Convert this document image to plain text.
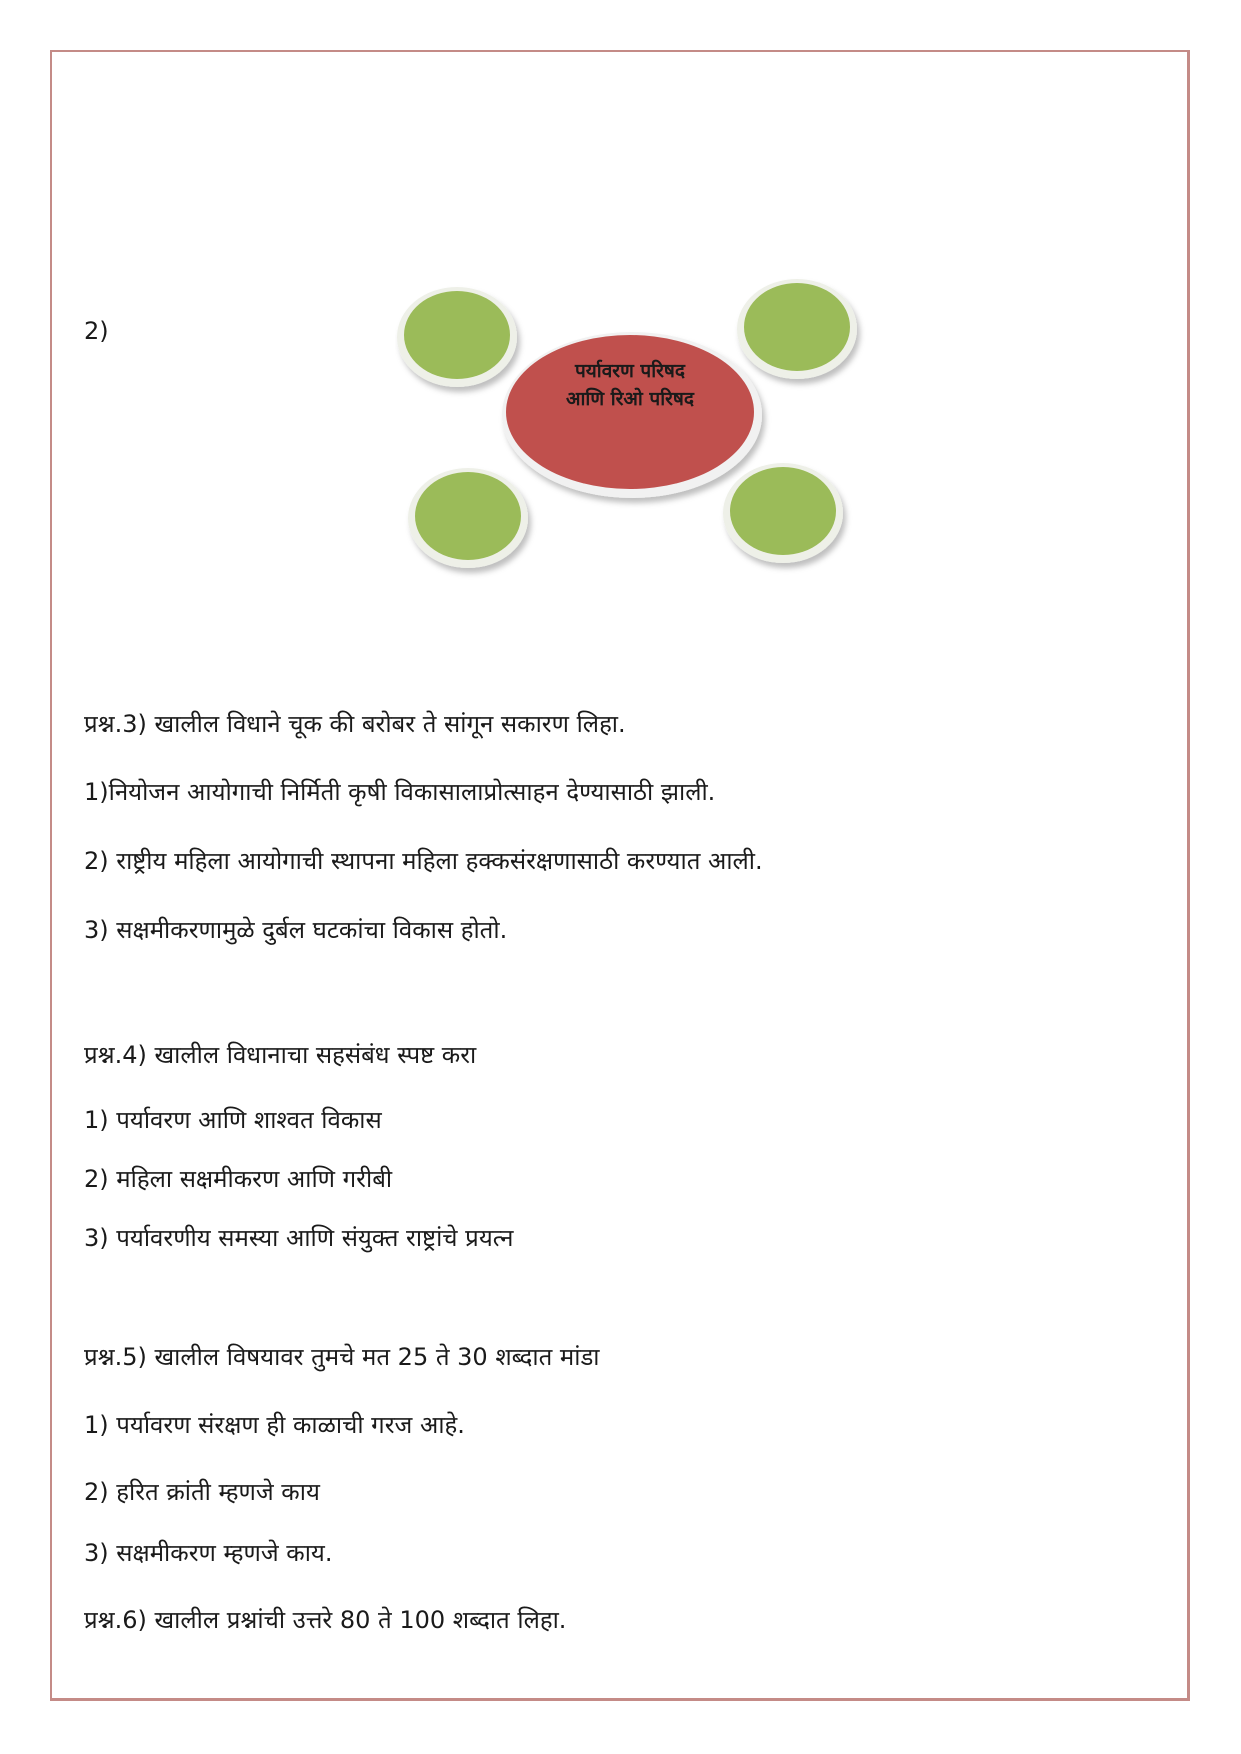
2)
पर्यावरण परिषद
आणि रिओ परिषद
प्रश्न.3) खालील विधाने चूक की बरोबर ते सांगून सकारण लिहा.
1)नियोजन आयोगाची निर्मिती कृषी विकासालाप्रोत्साहन देण्यासाठी झाली.
2) राष्ट्रीय महिला आयोगाची स्थापना महिला हक्कसंरक्षणासाठी करण्यात आली.
3) सक्षमीकरणामुळे दुर्बल घटकांचा विकास होतो.
प्रश्न.4) खालील विधानाचा सहसंबंध स्पष्ट करा
1) पर्यावरण आणि शाश्वत विकास
2) महिला सक्षमीकरण आणि गरीबी
3) पर्यावरणीय समस्या आणि संयुक्त राष्ट्रांचे प्रयत्न
प्रश्न.5) खालील विषयावर तुमचे मत 25 ते 30 शब्दात मांडा
1) पर्यावरण संरक्षण ही काळाची गरज आहे.
2) हरित क्रांती म्हणजे काय
3) सक्षमीकरण म्हणजे काय.
प्रश्न.6) खालील प्रश्नांची उत्तरे 80 ते 100 शब्दात लिहा.
